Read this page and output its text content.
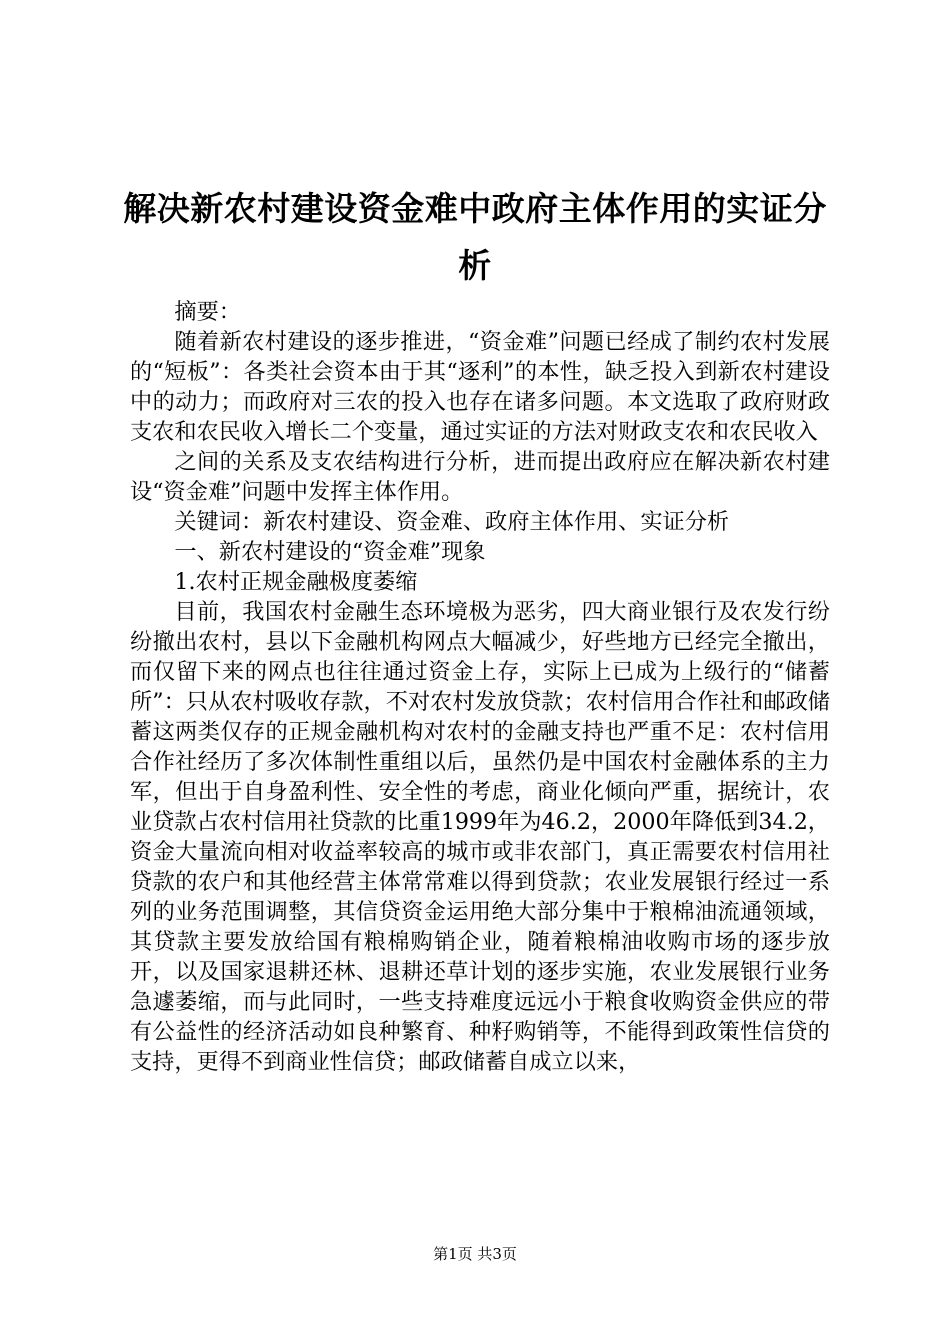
解决新农村建设资金难中政府主体作用的实证分析

摘要：

随着新农村建设的逐步推进，“资金难”问题已经成了制约农村发展的“短板”：各类社会资本由于其“逐利”的本性，缺乏投入到新农村建设中的动力；而政府对三农的投入也存在诸多问题。本文选取了政府财政支农和农民收入增长二个变量，通过实证的方法对财政支农和农民收入

之间的关系及支农结构进行分析，进而提出政府应在解决新农村建设“资金难”问题中发挥主体作用。

关键词：新农村建设、资金难、政府主体作用、实证分析

一、新农村建设的“资金难”现象

1.农村正规金融极度萎缩

目前，我国农村金融生态环境极为恶劣，四大商业银行及农发行纷纷撤出农村，县以下金融机构网点大幅减少，好些地方已经完全撤出，而仅留下来的网点也往往通过资金上存，实际上已成为上级行的“储蓄所”：只从农村吸收存款，不对农村发放贷款；农村信用合作社和邮政储蓄这两类仅存的正规金融机构对农村的金融支持也严重不足：农村信用合作社经历了多次体制性重组以后，虽然仍是中国农村金融体系的主力军，但出于自身盈利性、安全性的考虑，商业化倾向严重，据统计，农业贷款占农村信用社贷款的比重1999年为46.2，2000年降低到34.2，资金大量流向相对收益率较高的城市或非农部门，真正需要农村信用社贷款的农户和其他经营主体常常难以得到贷款；农业发展银行经过一系列的业务范围调整，其信贷资金运用绝大部分集中于粮棉油流通领域，其贷款主要发放给国有粮棉购销企业，随着粮棉油收购市场的逐步放开，以及国家退耕还林、退耕还草计划的逐步实施，农业发展银行业务急遽萎缩，而与此同时，一些支持难度远远小于粮食收购资金供应的带有公益性的经济活动如良种繁育、种籽购销等，不能得到政策性信贷的支持，更得不到商业性信贷；邮政储蓄自成立以来，

第1页 共3页
